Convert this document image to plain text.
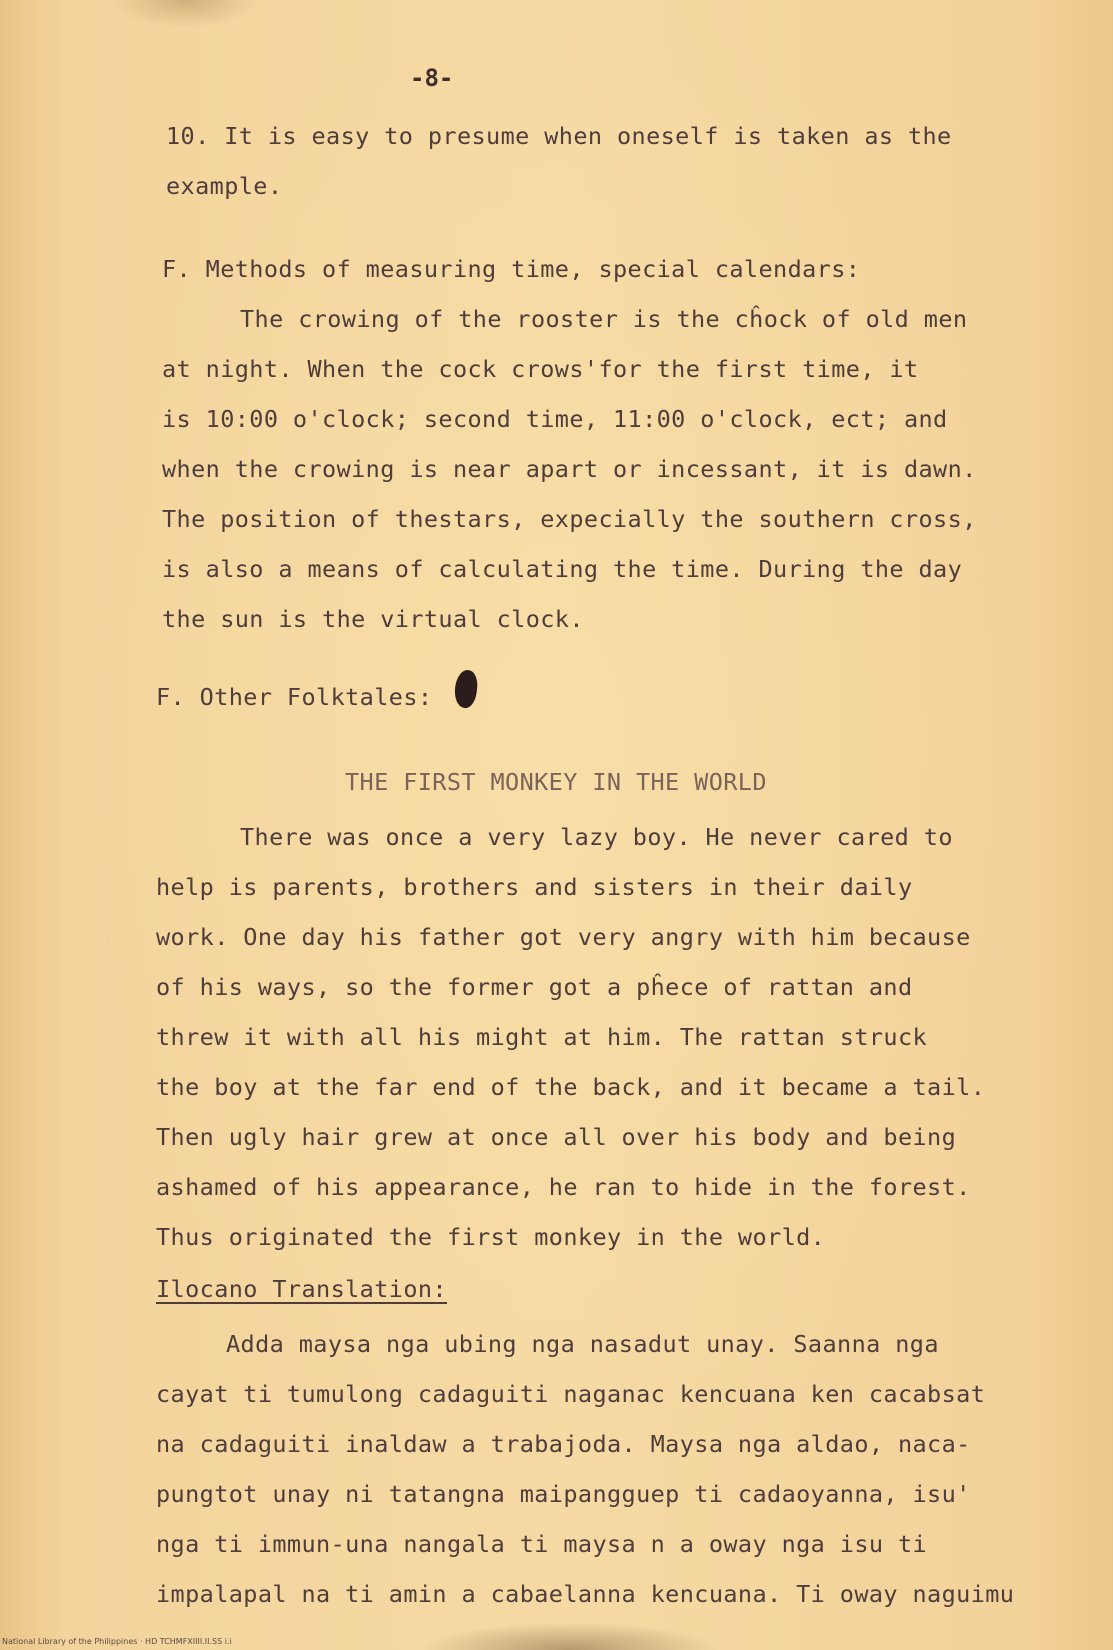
-8-
10. It is easy to presume when oneself is taken as the
example.
F. Methods of measuring time, special calendars:
The crowing of the rooster is the cĥock of old men
at night. When the cock crows'for the first time, it
is 10:00 o'clock; second time, 11:00 o'clock, ect; and
when the crowing is near apart or incessant, it is dawn.
The position of thestars, expecially the southern cross,
is also a means of calculating the time. During the day
the sun is the virtual clock.
F. Other Folktales:
THE FIRST MONKEY IN THE WORLD
There was once a very lazy boy. He never cared to
help is parents, brothers and sisters in their daily
work. One day his father got very angry with him because
of his ways, so the former got a pĥece of rattan and
threw it with all his might at him. The rattan struck
the boy at the far end of the back, and it became a tail.
Then ugly hair grew at once all over his body and being
ashamed of his appearance, he ran to hide in the forest.
Thus originated the first monkey in the world.
Ilocano Translation:
Adda maysa nga ubing nga nasadut unay. Saanna nga
cayat ti tumulong cadaguiti naganac kencuana ken cacabsat
na cadaguiti inaldaw a trabajoda. Maysa nga aldao, naca-
pungtot unay ni tatangna maipangguep ti cadaoyanna, isu'
nga ti immun-una nangala ti maysa n a oway nga isu ti
impalapal na ti amin a cabaelanna kencuana. Ti oway naguimu
National Library of the Philippines · HD TCHMFXIIII.II.SS i.i
